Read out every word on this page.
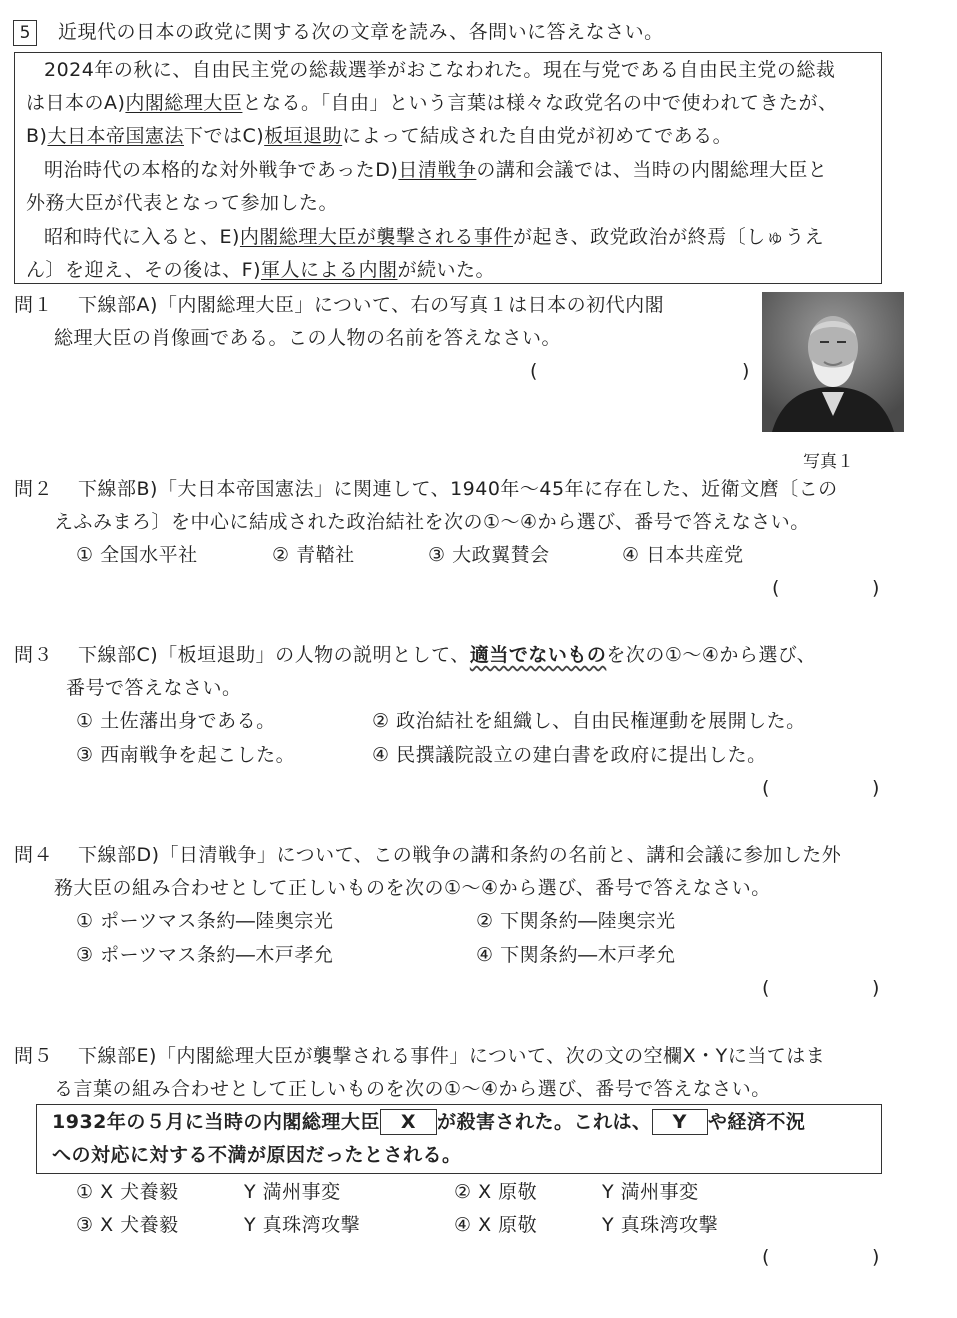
5	近現代の日本の政党に関する次の文章を読み、各問いに答えなさい。
2024年の秋に、自由民主党の総裁選挙がおこなわれた。現在与党である自由民主党の総裁
は日本のA)内閣総理大臣となる。「自由」という言葉は様々な政党名の中で使われてきたが、
B)大日本帝国憲法下ではC)板垣退助によって結成された自由党が初めてである。
明治時代の本格的な対外戦争であったD)日清戦争の講和会議では、当時の内閣総理大臣と
外務大臣が代表となって参加した。
昭和時代に入ると、E)内閣総理大臣が襲撃される事件が起き、政党政治が終焉〔しゅうえ
ん〕を迎え、その後は、F)軍人による内閣が続いた。
問１ 下線部A)「内閣総理大臣」について、右の写真１は日本の初代内閣
総理大臣の肖像画である。この人物の名前を答えなさい。
(	)
写真１
問２ 下線部B)「大日本帝国憲法」に関連して、1940年〜45年に存在した、近衛文麿〔この
えふみまろ〕を中心に結成された政治結社を次の①〜④から選び、番号で答えなさい。
① 全国水平社	② 青鞜社	③ 大政翼賛会	④ 日本共産党
(	)
問３ 下線部C)「板垣退助」の人物の説明として、適当でないものを次の①〜④から選び、
番号で答えなさい。
① 土佐藩出身である。	② 政治結社を組織し、自由民権運動を展開した。
③ 西南戦争を起こした。	④ 民撰議院設立の建白書を政府に提出した。
(	)
問４ 下線部D)「日清戦争」について、この戦争の講和条約の名前と、講和会議に参加した外
務大臣の組み合わせとして正しいものを次の①〜④から選び、番号で答えなさい。
① ポーツマス条約―陸奥宗光	② 下関条約―陸奥宗光
③ ポーツマス条約―木戸孝允	④ 下関条約―木戸孝允
(	)
問５ 下線部E)「内閣総理大臣が襲撃される事件」について、次の文の空欄X・Yに当てはま
る言葉の組み合わせとして正しいものを次の①〜④から選び、番号で答えなさい。
1932年の５月に当時の内閣総理大臣 X が殺害された。これは、 Y や経済不況
への対応に対する不満が原因だったとされる。
① X 犬養毅	Y 満州事変	② X 原敬	Y 満州事変
③ X 犬養毅	Y 真珠湾攻撃	④ X 原敬	Y 真珠湾攻撃
(	)
